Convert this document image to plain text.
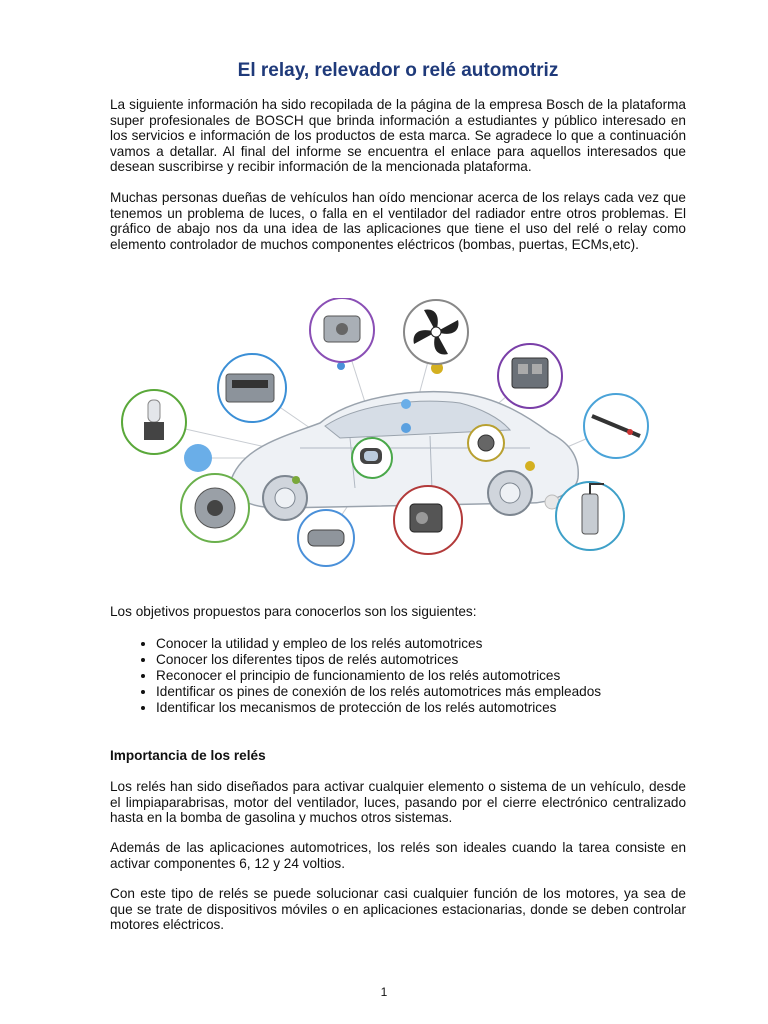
El relay, relevador o relé automotriz

La siguiente información ha sido recopilada de la página de la empresa Bosch de la plataforma super profesionales de BOSCH que brinda información a estudiantes y público interesado en los servicios e información de los productos de esta marca. Se agradece lo que a continuación vamos a detallar. Al final del informe se encuentra el enlace para aquellos interesados que desean suscribirse y recibir información de la mencionada plataforma.

Muchas personas dueñas de vehículos han oído mencionar acerca de los relays cada vez que tenemos un problema de luces, o falla en el ventilador del radiador entre otros problemas. El gráfico de abajo nos da una idea de las aplicaciones que tiene el uso del relé o relay como elemento controlador de muchos componentes eléctricos (bombas, puertas, ECMs,etc).

Los objetivos propuestos para conocerlos son los siguientes:

• Conocer la utilidad y empleo de los relés automotrices
• Conocer los diferentes tipos de relés automotrices
• Reconocer el principio de funcionamiento de los relés automotrices
• Identificar os pines de conexión de los relés automotrices más empleados
• Identificar los mecanismos de protección de los relés automotrices
Importancia de los relés

Los relés han sido diseñados para activar cualquier elemento o sistema de un vehículo, desde el limpiaparabrisas, motor del ventilador, luces, pasando por el cierre electrónico centralizado hasta en la bomba de gasolina y muchos otros sistemas.

Además de las aplicaciones automotrices, los relés son ideales cuando la tarea consiste en activar componentes 6, 12 y 24 voltios.

Con este tipo de relés se puede solucionar casi cualquier función de los motores, ya sea de que se trate de dispositivos móviles o en aplicaciones estacionarias, donde se deben controlar motores eléctricos.

1
